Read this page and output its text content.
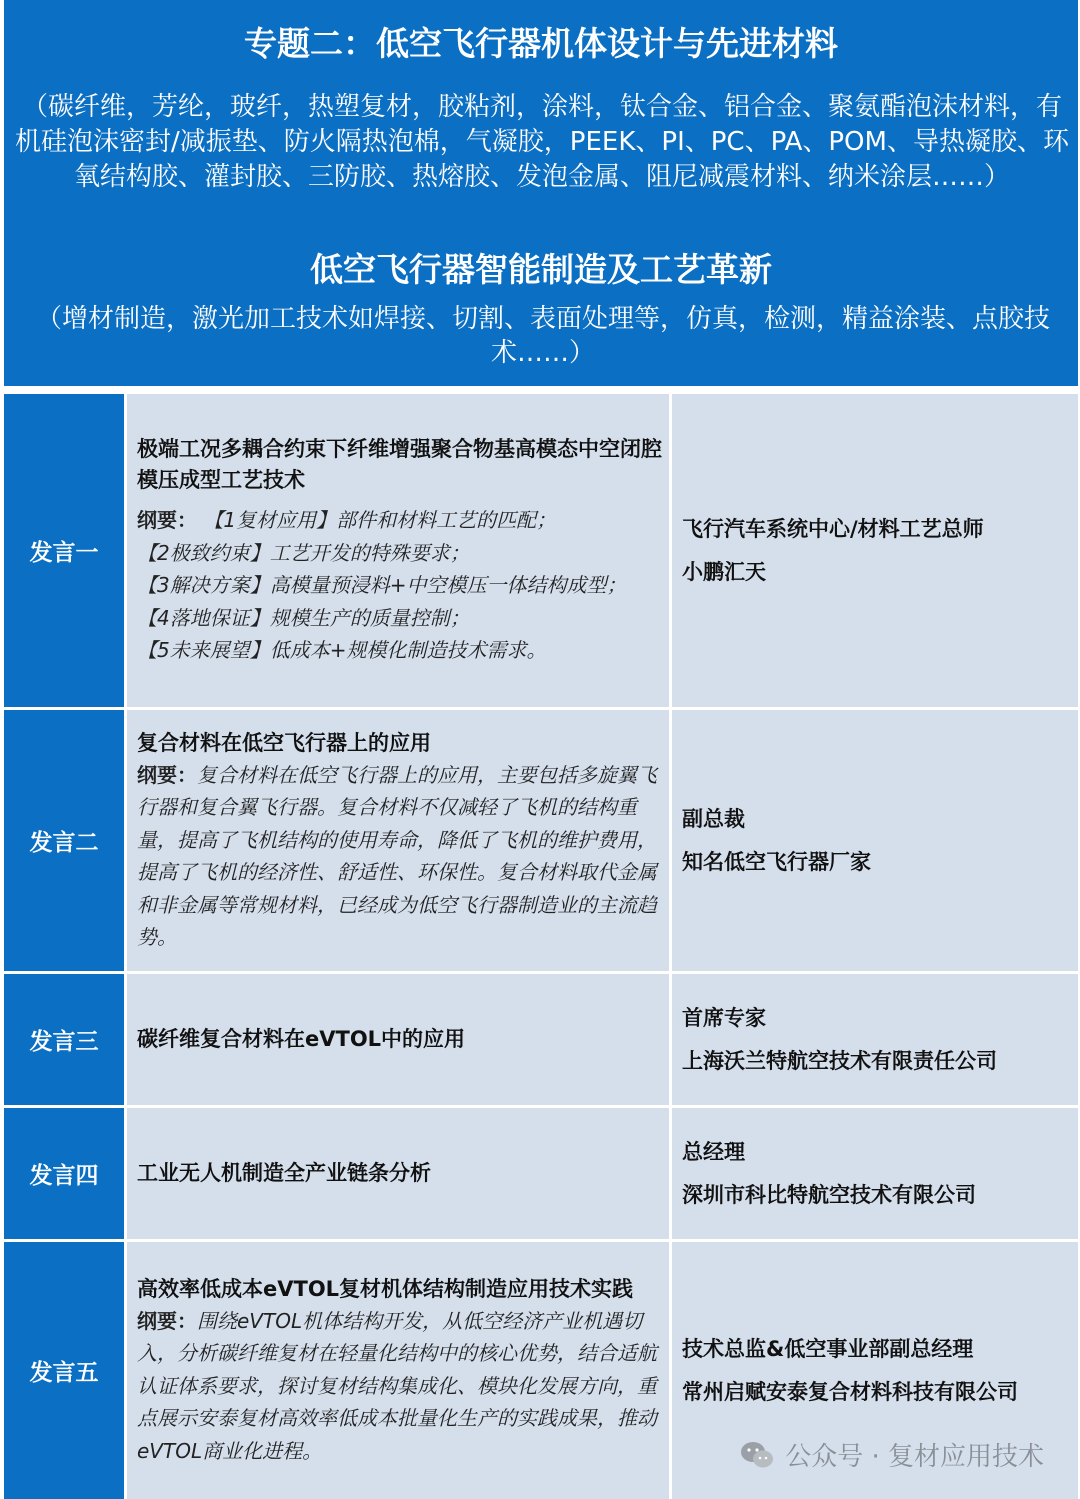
专题二：低空飞行器机体设计与先进材料
（碳纤维，芳纶，玻纤，热塑复材，胶粘剂，涂料，钛合金、铝合金、聚氨酯泡沫材料，有机硅泡沫密封/减振垫、防火隔热泡棉，气凝胶，PEEK、PI、PC、PA、POM、导热凝胶、环氧结构胶、灌封胶、三防胶、热熔胶、发泡金属、阻尼减震材料、纳米涂层……）
低空飞行器智能制造及工艺革新
（增材制造，激光加工技术如焊接、切割、表面处理等，仿真，检测，精益涂装、点胶技术……）
发言一
极端工况多耦合约束下纤维增强聚合物基高模态中空闭腔模压成型工艺技术
纲要： 【1复材应用】部件和材料工艺的匹配；
【2极致约束】工艺开发的特殊要求；
【3解决方案】高模量预浸料+中空模压一体结构成型；
【4落地保证】规模生产的质量控制；
【5未来展望】低成本+规模化制造技术需求。
飞行汽车系统中心/材料工艺总师
小鹏汇天
发言二
复合材料在低空飞行器上的应用
纲要：复合材料在低空飞行器上的应用，主要包括多旋翼飞行器和复合翼飞行器。复合材料不仅减轻了飞机的结构重量，提高了飞机结构的使用寿命，降低了飞机的维护费用，提高了飞机的经济性、舒适性、环保性。复合材料取代金属和非金属等常规材料，已经成为低空飞行器制造业的主流趋势。
副总裁
知名低空飞行器厂家
发言三	碳纤维复合材料在eVTOL中的应用
首席专家
上海沃兰特航空技术有限责任公司
发言四	工业无人机制造全产业链条分析
总经理
深圳市科比特航空技术有限公司
发言五
高效率低成本eVTOL复材机体结构制造应用技术实践
纲要：围绕eVTOL机体结构开发，从低空经济产业机遇切入，分析碳纤维复材在轻量化结构中的核心优势，结合适航认证体系要求，探讨复材结构集成化、模块化发展方向，重点展示安泰复材高效率低成本批量化生产的实践成果，推动eVTOL商业化进程。
技术总监&低空事业部副总经理
常州启赋安泰复合材料科技有限公司
公众号 · 复材应用技术
